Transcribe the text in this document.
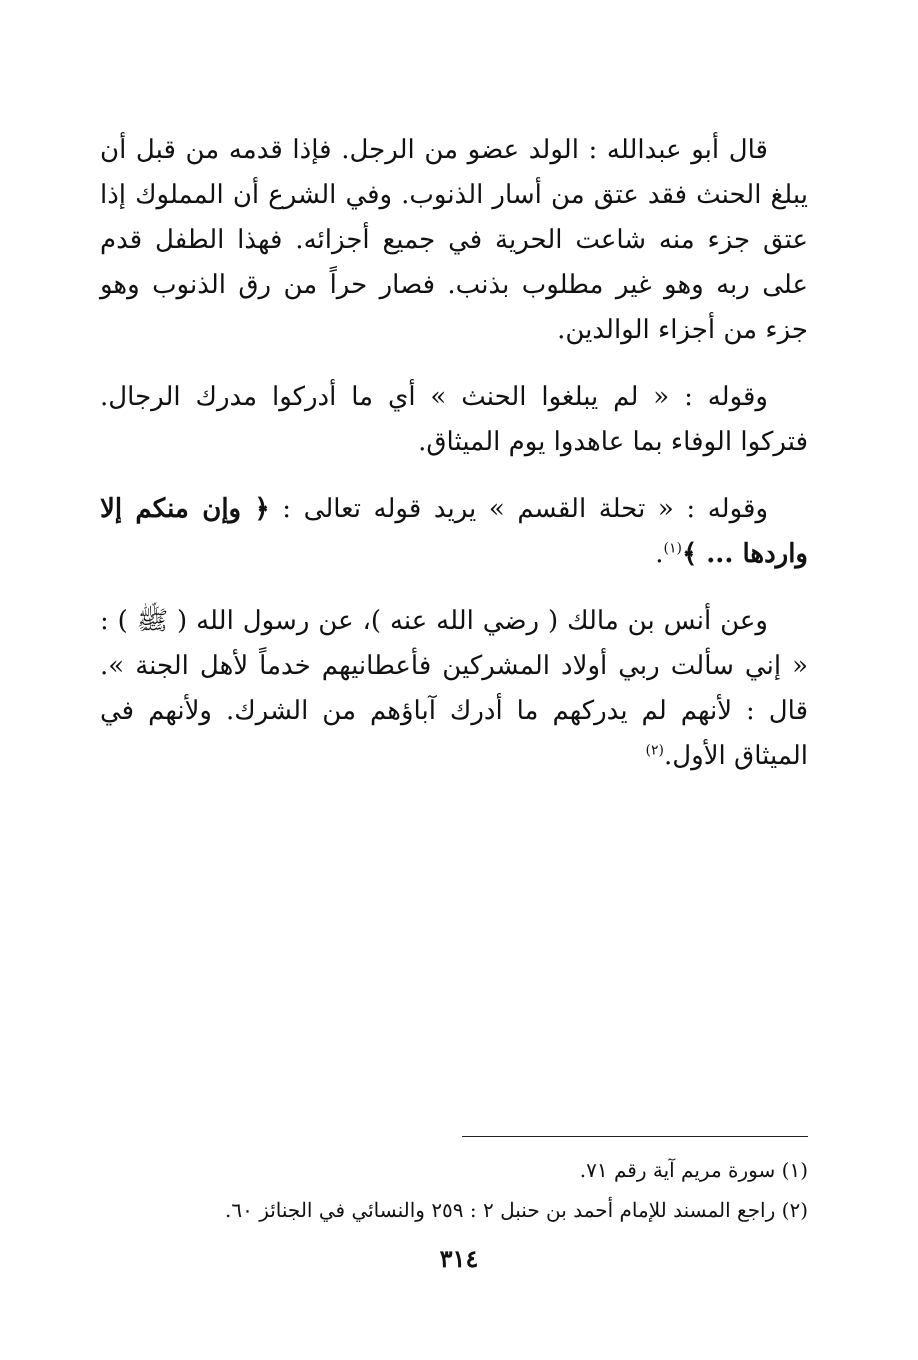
قال أبو عبدالله : الولد عضو من الرجل. فإذا قدمه من قبل أن يبلغ الحنث فقد عتق من أسار الذنوب. وفي الشرع أن المملوك إذا عتق جزء منه شاعت الحرية في جميع أجزائه. فهذا الطفل قدم على ربه وهو غير مطلوب بذنب. فصار حراً من رق الذنوب وهو جزء من أجزاء الوالدين.

وقوله : « لم يبلغوا الحنث » أي ما أدركوا مدرك الرجال. فتركوا الوفاء بما عاهدوا يوم الميثاق.

وقوله : « تحلة القسم » يريد قوله تعالى : ﴿ وإن منكم إلا واردها ... ﴾$^{(١)}$.

وعن أنس بن مالك ( رضي الله عنه )، عن رسول الله ( ﷺ ) : « إني سألت ربي أولاد المشركين فأعطانيهم خدماً لأهل الجنة ». قال : لأنهم لم يدركهم ما أدرك آباؤهم من الشرك. ولأنهم في الميثاق الأول.$^{(٢)}$

(١) سورة مريم آية رقم ٧١.
(٢) راجع المسند للإمام أحمد بن حنبل ٢ : ٢٥٩ والنسائي في الجنائز ٦٠.
٣١٤
